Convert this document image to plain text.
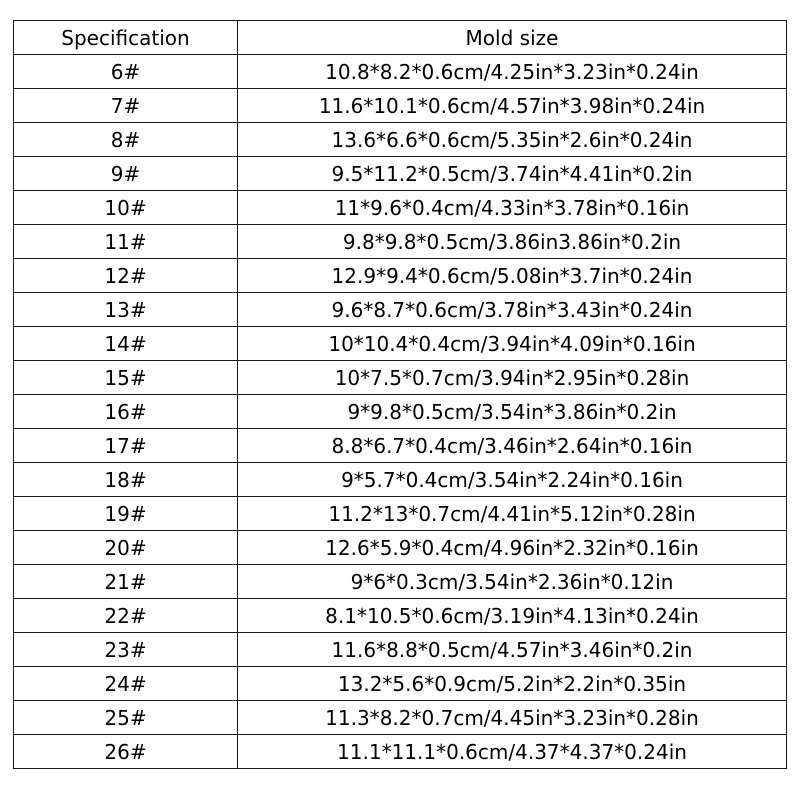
Specification	Mold size
6#	10.8*8.2*0.6cm/4.25in*3.23in*0.24in
7#	11.6*10.1*0.6cm/4.57in*3.98in*0.24in
8#	13.6*6.6*0.6cm/5.35in*2.6in*0.24in
9#	9.5*11.2*0.5cm/3.74in*4.41in*0.2in
10#	11*9.6*0.4cm/4.33in*3.78in*0.16in
11#	9.8*9.8*0.5cm/3.86in3.86in*0.2in
12#	12.9*9.4*0.6cm/5.08in*3.7in*0.24in
13#	9.6*8.7*0.6cm/3.78in*3.43in*0.24in
14#	10*10.4*0.4cm/3.94in*4.09in*0.16in
15#	10*7.5*0.7cm/3.94in*2.95in*0.28in
16#	9*9.8*0.5cm/3.54in*3.86in*0.2in
17#	8.8*6.7*0.4cm/3.46in*2.64in*0.16in
18#	9*5.7*0.4cm/3.54in*2.24in*0.16in
19#	11.2*13*0.7cm/4.41in*5.12in*0.28in
20#	12.6*5.9*0.4cm/4.96in*2.32in*0.16in
21#	9*6*0.3cm/3.54in*2.36in*0.12in
22#	8.1*10.5*0.6cm/3.19in*4.13in*0.24in
23#	11.6*8.8*0.5cm/4.57in*3.46in*0.2in
24#	13.2*5.6*0.9cm/5.2in*2.2in*0.35in
25#	11.3*8.2*0.7cm/4.45in*3.23in*0.28in
26#	11.1*11.1*0.6cm/4.37*4.37*0.24in
